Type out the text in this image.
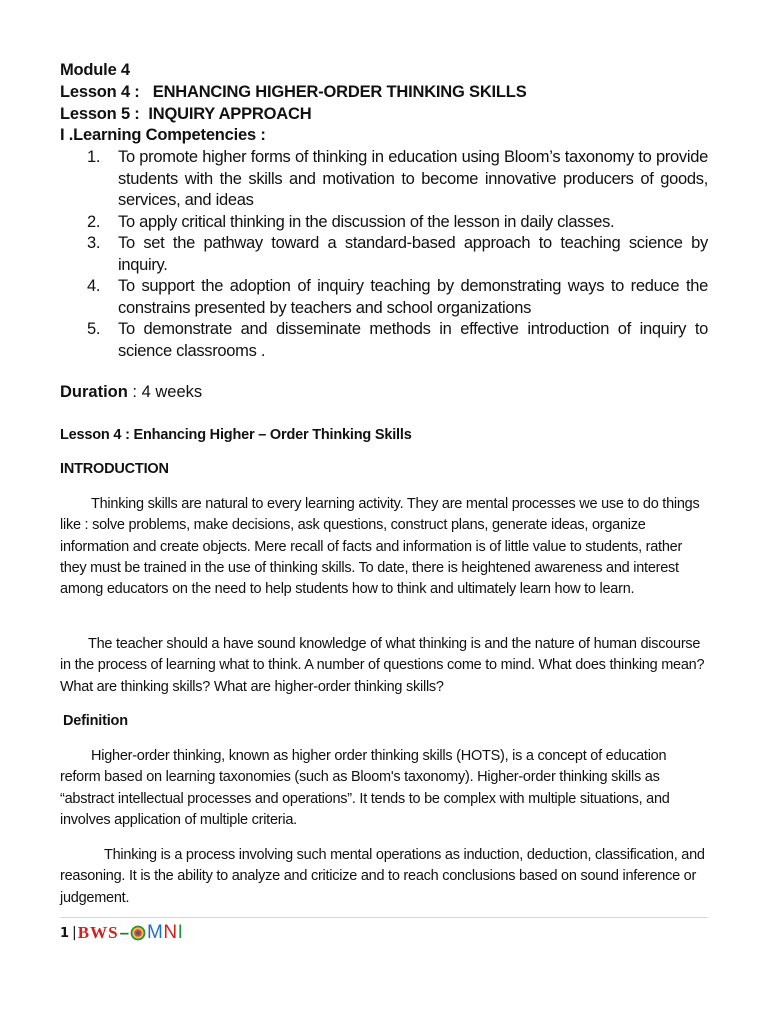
Module 4
Lesson 4 :   ENHANCING HIGHER-ORDER THINKING SKILLS
Lesson 5 :  INQUIRY APPROACH
I .Learning Competencies :
1. To promote higher forms of thinking in education using Bloom’s taxonomy to provide students with the skills and motivation to become innovative producers of goods, services, and ideas
2. To apply critical thinking in the discussion of the lesson in daily classes.
3. To set the pathway toward a standard-based approach to teaching science by inquiry.
4. To support the adoption of inquiry teaching by demonstrating ways to reduce the constrains presented by teachers and school organizations
5. To demonstrate and disseminate methods in effective introduction of inquiry to science classrooms .
Duration : 4 weeks
Lesson 4 : Enhancing Higher – Order Thinking Skills
INTRODUCTION
Thinking skills are natural to every learning activity. They are mental processes we use to do things like : solve problems, make decisions, ask questions, construct plans, generate ideas, organize information and create objects. Mere recall of facts and information is of little value to students, rather they must be trained in the use of thinking skills. To date, there is heightened awareness and interest among educators on the need to help students how to think and ultimately learn how to learn.
The teacher should a have sound knowledge of what thinking is and the nature of human discourse in the process of learning what to think. A number of questions come to mind. What does thinking mean? What are thinking skills? What are higher-order thinking skills?
Definition
Higher-order thinking, known as higher order thinking skills (HOTS), is a concept of education reform based on learning taxonomies (such as Bloom's taxonomy). Higher-order thinking skills as “abstract intellectual processes and operations”. It tends to be complex with multiple situations, and involves application of multiple criteria.
Thinking is a process involving such mental operations as induction, deduction, classification, and reasoning. It is the ability to analyze and criticize and to reach conclusions based on sound inference or judgement.
1 | BWS – MNI
